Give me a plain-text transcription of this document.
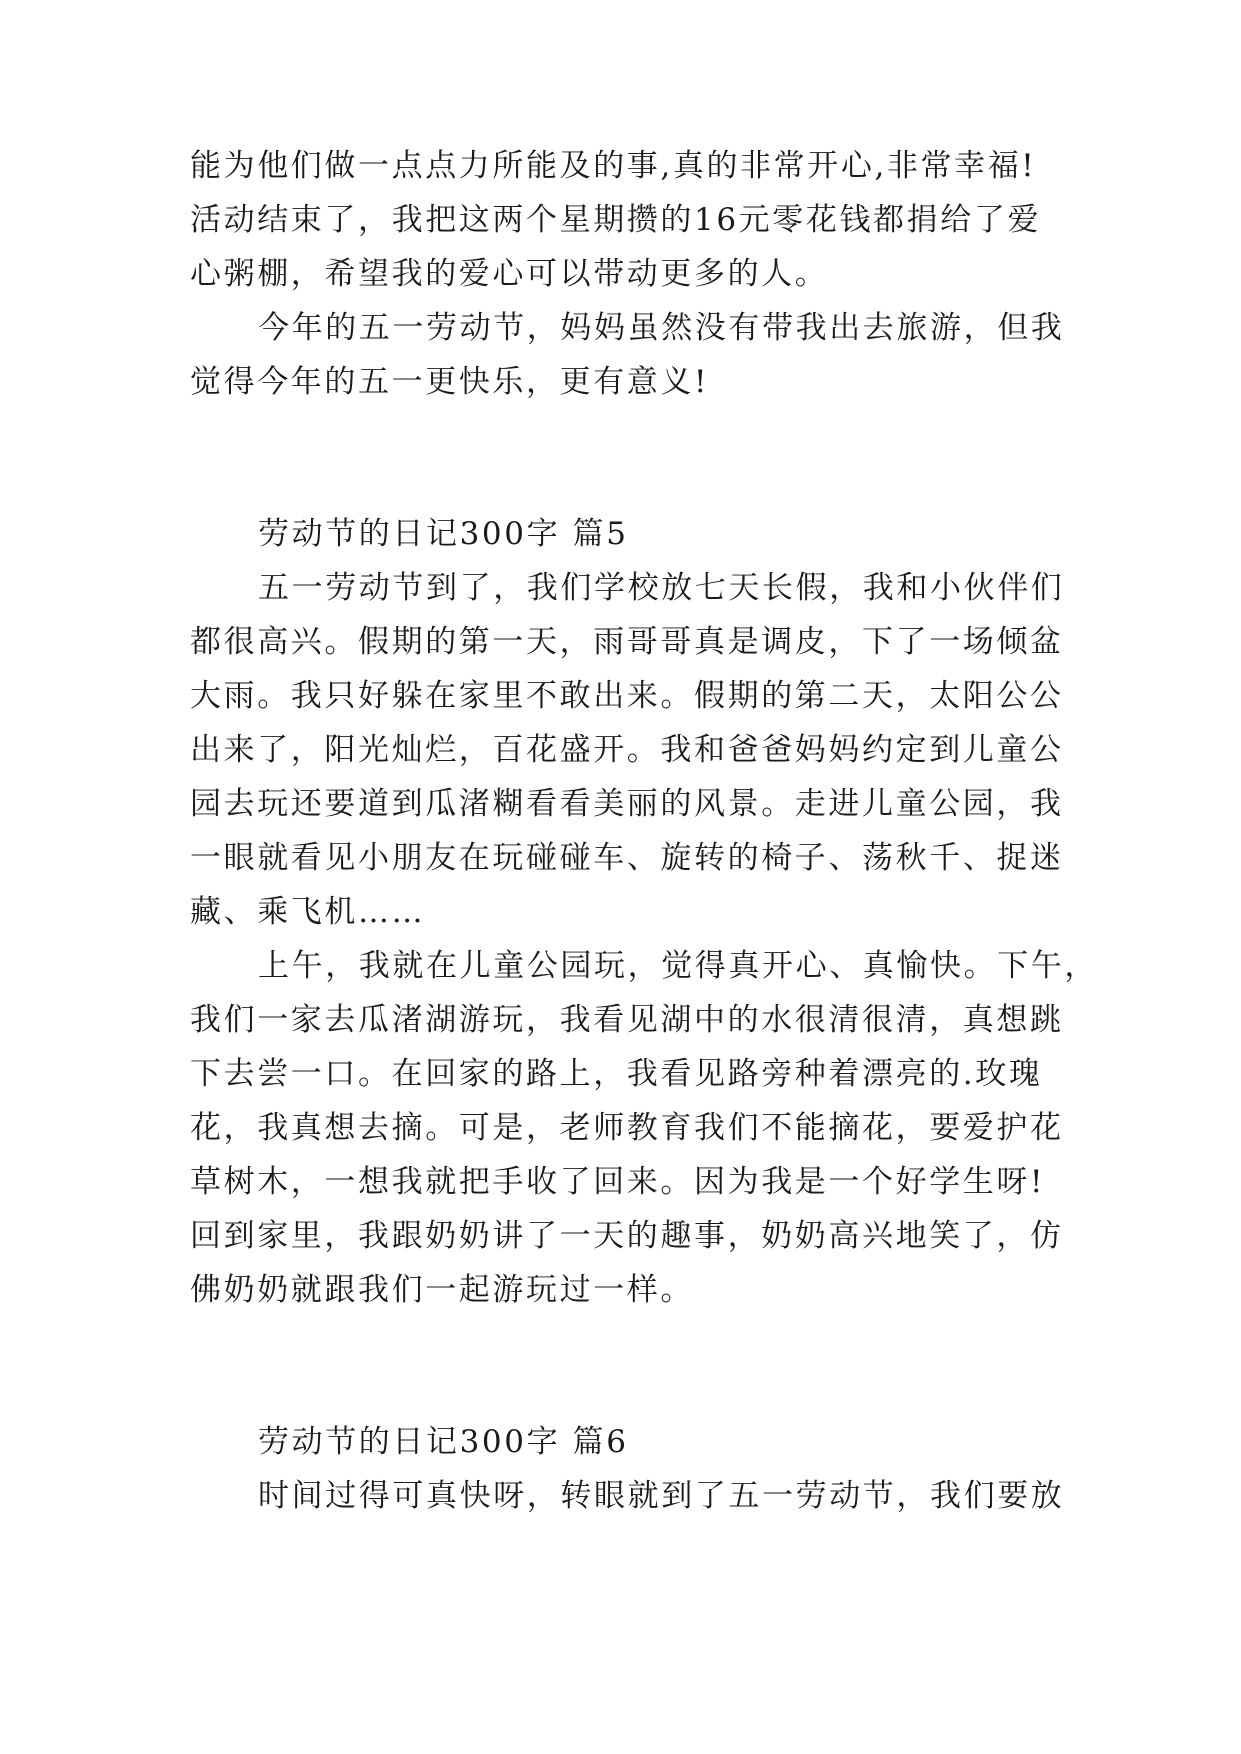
能为他们做一点点力所能及的事,真的非常开心,非常幸福!
活动结束了，我把这两个星期攒的16元零花钱都捐给了爱
心粥棚，希望我的爱心可以带动更多的人。
今年的五一劳动节，妈妈虽然没有带我出去旅游，但我
觉得今年的五一更快乐，更有意义!
劳动节的日记300字 篇5
五一劳动节到了，我们学校放七天长假，我和小伙伴们
都很高兴。假期的第一天，雨哥哥真是调皮，下了一场倾盆
大雨。我只好躲在家里不敢出来。假期的第二天，太阳公公
出来了，阳光灿烂，百花盛开。我和爸爸妈妈约定到儿童公
园去玩还要道到瓜渚糊看看美丽的风景。走进儿童公园，我
一眼就看见小朋友在玩碰碰车、旋转的椅子、荡秋千、捉迷
藏、乘飞机……
上午，我就在儿童公园玩，觉得真开心、真愉快。下午，
我们一家去瓜渚湖游玩，我看见湖中的水很清很清，真想跳
下去尝一口。在回家的路上，我看见路旁种着漂亮的.玫瑰
花，我真想去摘。可是，老师教育我们不能摘花，要爱护花
草树木，一想我就把手收了回来。因为我是一个好学生呀!
回到家里，我跟奶奶讲了一天的趣事，奶奶高兴地笑了，仿
佛奶奶就跟我们一起游玩过一样。
劳动节的日记300字 篇6
时间过得可真快呀，转眼就到了五一劳动节，我们要放
